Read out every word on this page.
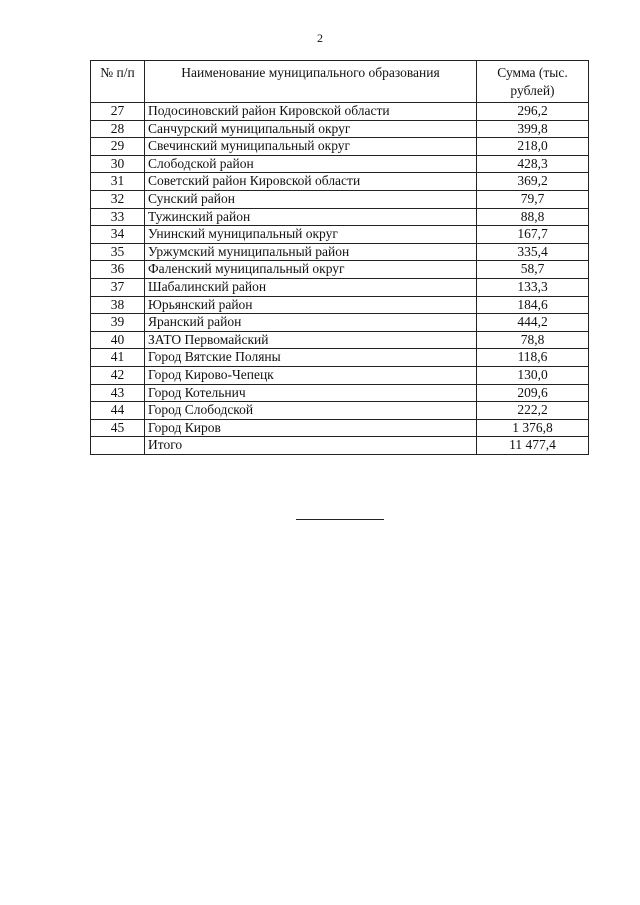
2
№ п/п	Наименование муниципального образования	Сумма (тыс. рублей)
27	Подосиновский район Кировской области	296,2
28	Санчурский муниципальный округ	399,8
29	Свечинский муниципальный округ	218,0
30	Слободской район	428,3
31	Советский район Кировской области	369,2
32	Сунский район	79,7
33	Тужинский район	88,8
34	Унинский муниципальный округ	167,7
35	Уржумский муниципальный район	335,4
36	Фаленский муниципальный округ	58,7
37	Шабалинский район	133,3
38	Юрьянский район	184,6
39	Яранский район	444,2
40	ЗАТО Первомайский	78,8
41	Город Вятские Поляны	118,6
42	Город Кирово-Чепецк	130,0
43	Город Котельнич	209,6
44	Город Слободской	222,2
45	Город Киров	1 376,8
	Итого	11 477,4
